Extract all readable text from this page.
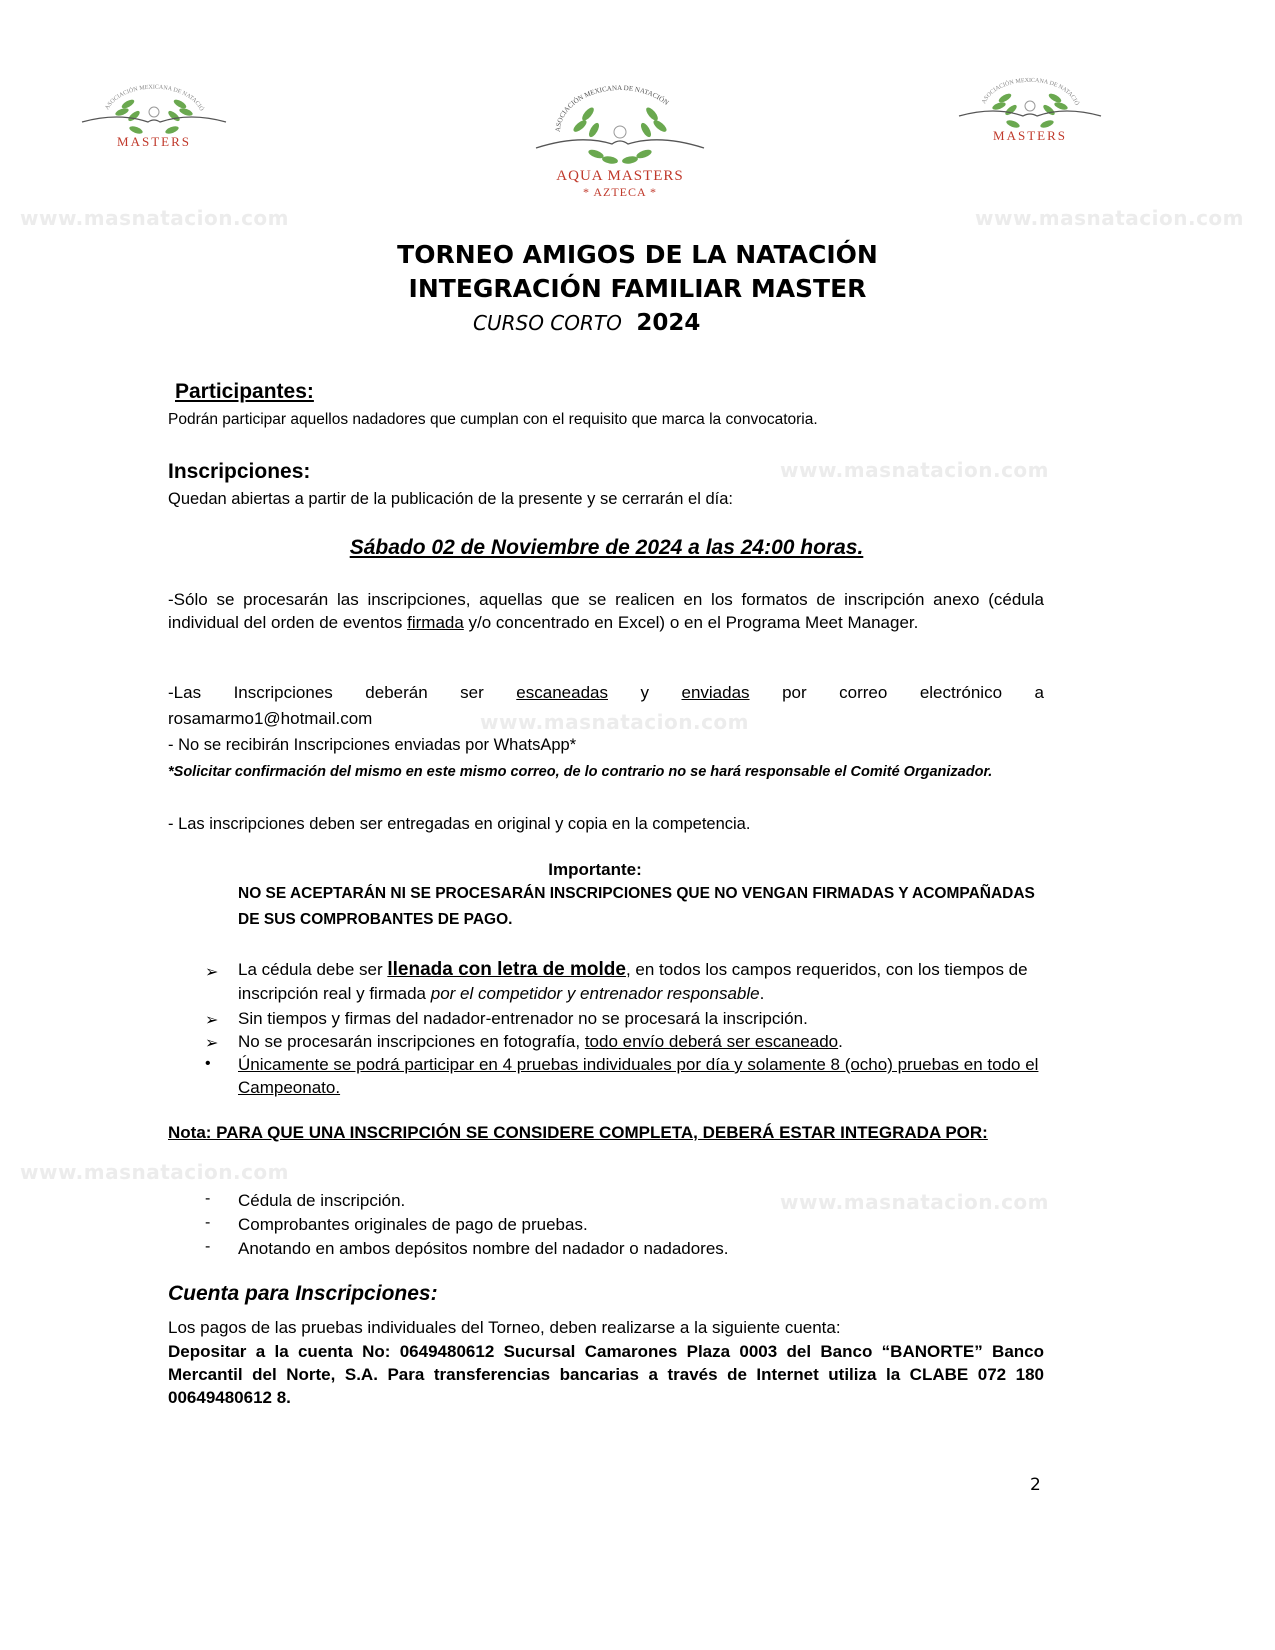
www.masnatacion.com	www.masnatacion.com
www.masnatacion.com
www.masnatacion.com
www.masnatacion.com
www.masnatacion.com
ASOCIACIÓN MEXICANA DE NATACIÓ
MASTERS
ASOCIACIÓN MEXICANA DE NATACIÓN
AQUA MASTERS
* AZTECA *
ASOCIACIÓN MEXICANA DE NATACIÓ
MASTERS
TORNEO AMIGOS DE LA NATACIÓN
INTEGRACIÓN FAMILIAR MASTER
CURSO CORTO 2024
Participantes:
Podrán participar aquellos nadadores que cumplan con el requisito que marca la convocatoria.
Inscripciones:
Quedan abiertas a partir de la publicación de la presente y se cerrarán el día:
Sábado 02 de Noviembre de 2024 a las 24:00 horas.
-Sólo se procesarán las inscripciones, aquellas que se realicen en los formatos de inscripción anexo (cédula individual del orden de eventos firmada y/o concentrado en Excel) o en el Programa Meet Manager.
-Las Inscripciones deberán ser escaneadas y enviadas por correo electrónico a
rosamarmo1@hotmail.com
- No se recibirán Inscripciones enviadas por WhatsApp*
*Solicitar confirmación del mismo en este mismo correo, de lo contrario no se hará responsable el Comité Organizador.
- Las inscripciones deben ser entregadas en original y copia en la competencia.
Importante:
NO SE ACEPTARÁN NI SE PROCESARÁN INSCRIPCIONES QUE NO VENGAN FIRMADAS Y ACOMPAÑADAS DE SUS COMPROBANTES DE PAGO.
➢ La cédula debe ser llenada con letra de molde, en todos los campos requeridos, con los tiempos de inscripción real y firmada por el competidor y entrenador responsable.
➢ Sin tiempos y firmas del nadador-entrenador no se procesará la inscripción.
➢ No se procesarán inscripciones en fotografía, todo envío deberá ser escaneado.
• Únicamente se podrá participar en 4 pruebas individuales por día y solamente 8 (ocho) pruebas en todo el Campeonato.
Nota: PARA QUE UNA INSCRIPCIÓN SE CONSIDERE COMPLETA, DEBERÁ ESTAR INTEGRADA POR:
- Cédula de inscripción.
- Comprobantes originales de pago de pruebas.
- Anotando en ambos depósitos nombre del nadador o nadadores.
Cuenta para Inscripciones:
Los pagos de las pruebas individuales del Torneo, deben realizarse a la siguiente cuenta:
Depositar a la cuenta No: 0649480612 Sucursal Camarones Plaza 0003 del Banco “BANORTE” Banco Mercantil del Norte, S.A. Para transferencias bancarias a través de Internet utiliza la CLABE 072 180 00649480612 8.
2
